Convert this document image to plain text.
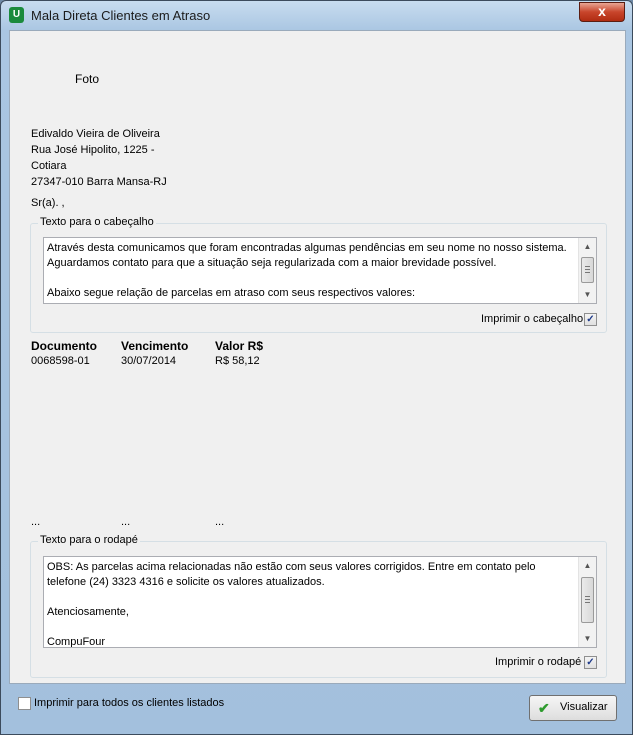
U Mala Direta Clientes em Atraso	x
Foto
Edivaldo Vieira de Oliveira
Rua José Hipolito, 1225 -
Cotiara
27347-010 Barra Mansa-RJ
Sr(a). ,
Texto para o cabeçalho
Através desta comunicamos que foram encontradas algumas pendências em seu nome no nosso sistema.
Aguardamos contato para que a situação seja regularizada com a maior brevidade possível.

Abaixo segue relação de parcelas em atraso com seus respectivos valores:
▲
▼
Imprimir o cabeçalho ✓
Documento Vencimento Valor R$
0068598-01	30/07/2014	R$ 58,12
...	...	...
Texto para o rodapé
OBS: As parcelas acima relacionadas não estão com seus valores corrigidos. Entre em contato pelo telefone (24) 3323 4316 e solicite os valores atualizados.

Atenciosamente,

CompuFour
▲
▼
Imprimir o rodapé ✓
Imprimir para todos os clientes listados	✔ Visualizar
